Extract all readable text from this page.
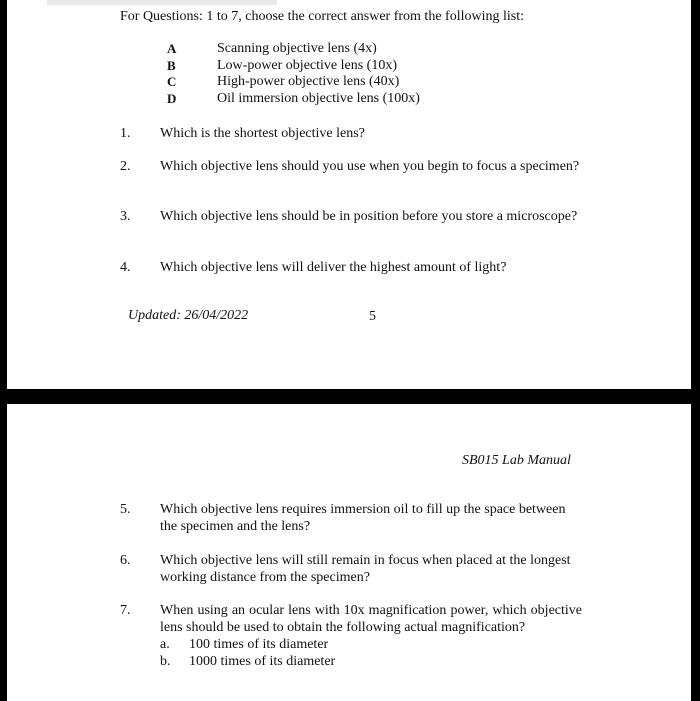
For Questions: 1 to 7, choose the correct answer from the following list:
A	Scanning objective lens (4x)
B	Low-power objective lens (10x)
C	High-power objective lens (40x)
D	Oil immersion objective lens (100x)
1.	Which is the shortest objective lens?
2.	Which objective lens should you use when you begin to focus a specimen?
3.	Which objective lens should be in position before you store a microscope?
4.	Which objective lens will deliver the highest amount of light?
Updated: 26/04/2022	5
SB015 Lab Manual
5.	Which objective lens requires immersion oil to fill up the space between the specimen and the lens?
6.	Which objective lens will still remain in focus when placed at the longest working distance from the specimen?
7.	When using an ocular lens with 10x magnification power, which objective lens should be used to obtain the following actual magnification?
a.	100 times of its diameter
b.	1000 times of its diameter
